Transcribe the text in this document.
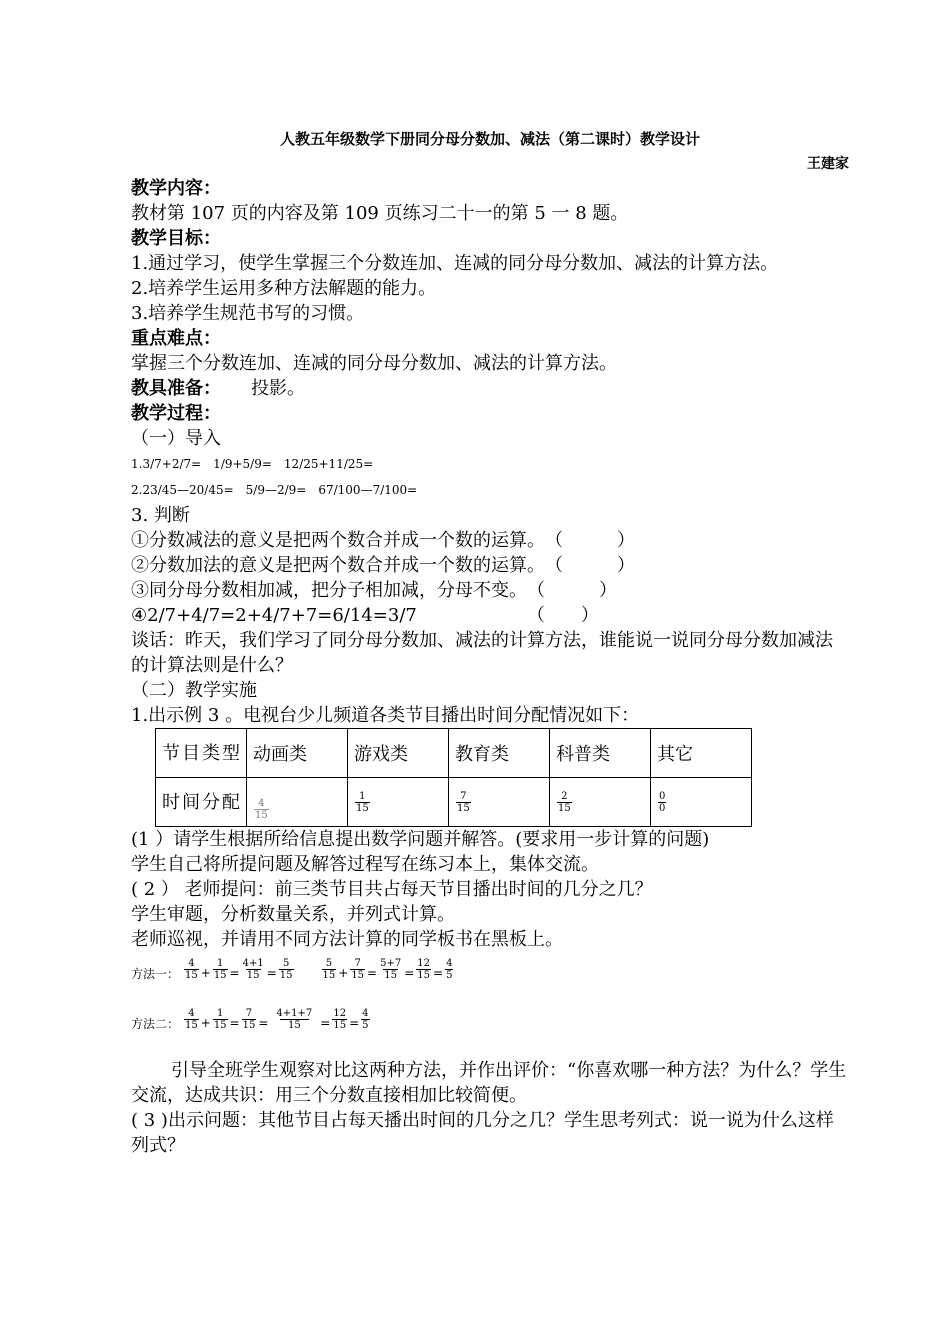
人教五年级数学下册同分母分数加、减法（第二课时）教学设计
王建家
教学内容：
教材第 107 页的内容及第 109 页练习二十一的第 5 一 8 题。
教学目标：
1.通过学习，使学生掌握三个分数连加、连减的同分母分数加、减法的计算方法。
2.培养学生运用多种方法解题的能力。
3.培养学生规范书写的习惯。
重点难点：
掌握三个分数连加、连减的同分母分数加、减法的计算方法。
教具准备： 投影。
教学过程：
（一）导入
1.3/7+2/7=　1/9+5/9=　12/25+11/25=
2.23/45—20/45=　5/9—2/9=　67/100—7/100=
3. 判断
①分数减法的意义是把两个数合并成一个数的运算。（　　　）
②分数加法的意义是把两个数合并成一个数的运算。（　　　）
③同分母分数相加减，把分子相加减，分母不变。（　　　）
④2/7+4/7=2+4/7+7=6/14=3/7	（　　）
谈话：昨天，我们学习了同分母分数加、减法的计算方法，谁能说一说同分母分数加减法的计算法则是什么？
（二）教学实施
1.出示例 3 。电视台少儿频道各类节目播出时间分配情况如下：
节目类型	动画类	游戏类	教育类	科普类	其它
时间分配	$\frac{4}{15}$	$\frac{1}{15}$	$\frac{7}{15}$	$\frac{2}{15}$	$\frac{0}{0}$
(1 ）请学生根据所给信息提出数学问题并解答。(要求用一步计算的问题)
学生自己将所提问题及解答过程写在练习本上，集体交流。
( 2 ） 老师提问：前三类节目共占每天节目播出时间的几分之几？
学生审题，分析数量关系，并列式计算。
老师巡视，并请用不同方法计算的同学板书在黑板上。
方法一： $\frac{4}{15} + \frac{1}{15} = \frac{4+1}{15} = \frac{5}{15}$	$\frac{5}{15} + \frac{7}{15} = \frac{5+7}{15} = \frac{12}{15} = \frac{4}{5}$
方法二： $\frac{4}{15} + \frac{1}{15} = \frac{7}{15} = \frac{4+1+7}{15} = \frac{12}{15} = \frac{4}{5}$
引导全班学生观察对比这两种方法，并作出评价：“你喜欢哪一种方法？为什么？学生交流，达成共识：用三个分数直接相加比较简便。
( 3 )出示问题：其他节目占每天播出时间的几分之几？学生思考列式：说一说为什么这样列式？
